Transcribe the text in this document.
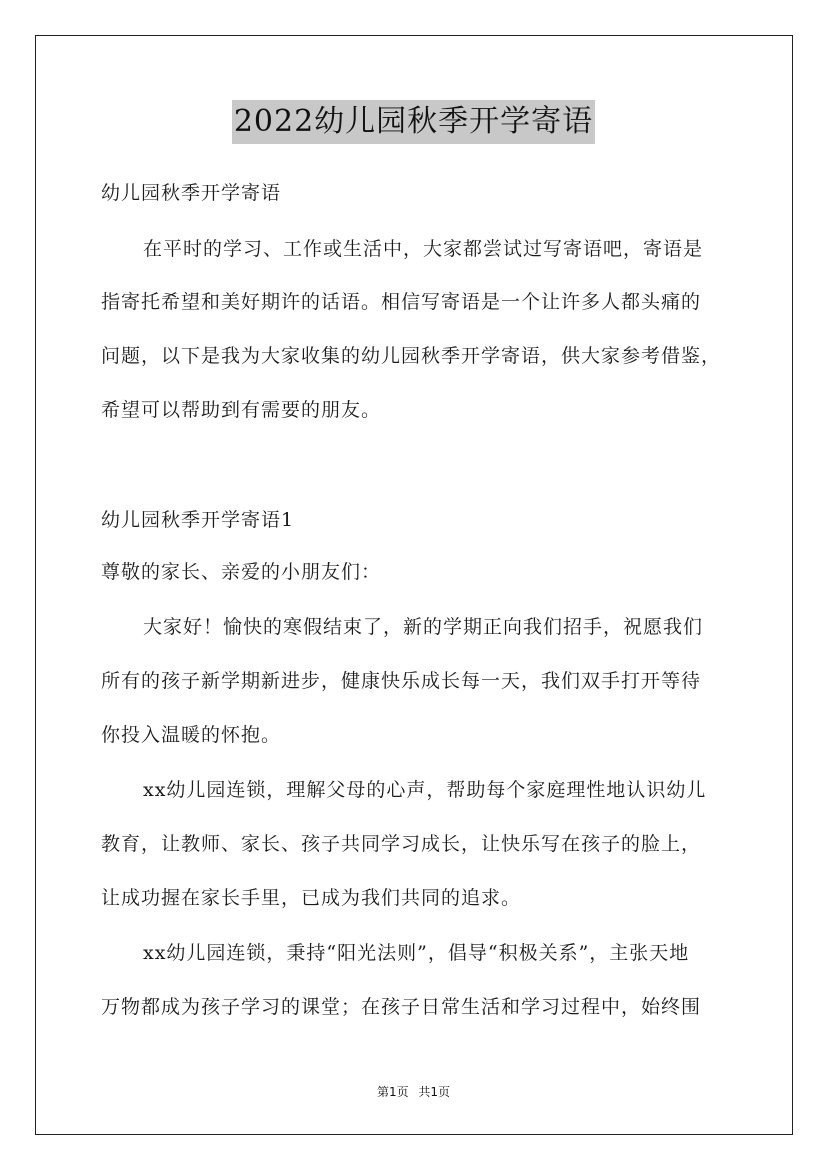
2022幼儿园秋季开学寄语
幼儿园秋季开学寄语
在平时的学习、工作或生活中，大家都尝试过写寄语吧，寄语是
指寄托希望和美好期许的话语。相信写寄语是一个让许多人都头痛的
问题，以下是我为大家收集的幼儿园秋季开学寄语，供大家参考借鉴，
希望可以帮助到有需要的朋友。
幼儿园秋季开学寄语1
尊敬的家长、亲爱的小朋友们：
大家好！愉快的寒假结束了，新的学期正向我们招手，祝愿我们
所有的孩子新学期新进步，健康快乐成长每一天，我们双手打开等待
你投入温暖的怀抱。
xx幼儿园连锁，理解父母的心声，帮助每个家庭理性地认识幼儿
教育，让教师、家长、孩子共同学习成长，让快乐写在孩子的脸上，
让成功握在家长手里，已成为我们共同的追求。
xx幼儿园连锁，秉持“阳光法则”，倡导“积极关系”，主张天地
万物都成为孩子学习的课堂；在孩子日常生活和学习过程中，始终围
第1页 共1页
